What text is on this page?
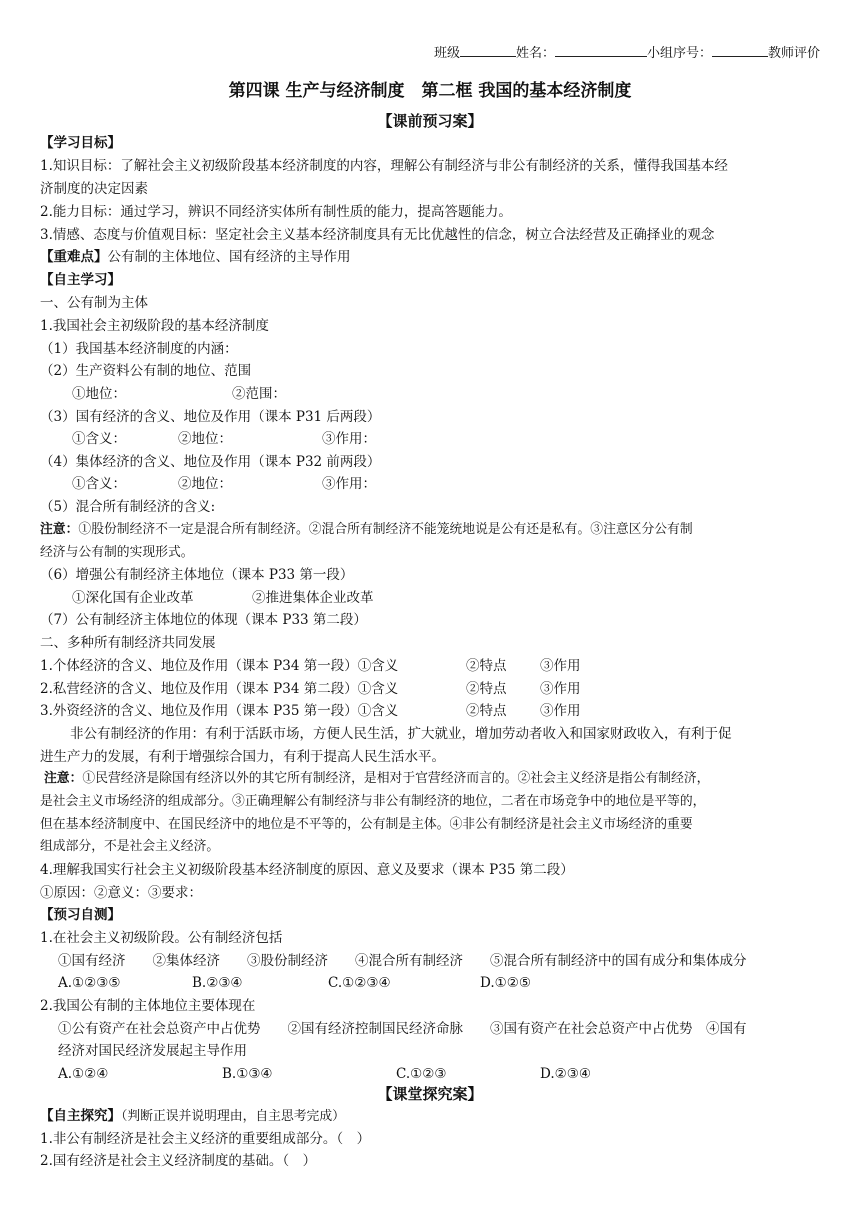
班级	姓名：	小组序号：	教师评价
第四课 生产与经济制度　第二框 我国的基本经济制度
【课前预习案】
【学习目标】
1.知识目标：了解社会主义初级阶段基本经济制度的内容，理解公有制经济与非公有制经济的关系，懂得我国基本经
济制度的决定因素
2.能力目标：通过学习，辨识不同经济实体所有制性质的能力，提高答题能力。
3.情感、态度与价值观目标：坚定社会主义基本经济制度具有无比优越性的信念，树立合法经营及正确择业的观念
【重难点】公有制的主体地位、国有经济的主导作用
【自主学习】
一、公有制为主体
1.我国社会主初级阶段的基本经济制度
（1）我国基本经济制度的内涵：
（2）生产资料公有制的地位、范围
①地位：	②范围：
（3）国有经济的含义、地位及作用（课本 P31 后两段）
①含义：	②地位：	③作用：
（4）集体经济的含义、地位及作用（课本 P32 前两段）
①含义：	②地位：	③作用：
（5）混合所有制经济的含义:
注意：①股份制经济不一定是混合所有制经济。②混合所有制经济不能笼统地说是公有还是私有。③注意区分公有制
经济与公有制的实现形式。
（6）增强公有制经济主体地位（课本 P33 第一段）
①深化国有企业改革	②推进集体企业改革
（7）公有制经济主体地位的体现（课本 P33 第二段）
二、多种所有制经济共同发展
1.个体经济的含义、地位及作用（课本 P34 第一段）①含义	②特点 ③作用
2.私营经济的含义、地位及作用（课本 P34 第二段）①含义	②特点 ③作用
3.外资经济的含义、地位及作用（课本 P35 第一段）①含义	②特点 ③作用
非公有制经济的作用：有利于活跃市场，方便人民生活，扩大就业，增加劳动者收入和国家财政收入，有利于促
进生产力的发展，有利于增强综合国力，有利于提高人民生活水平。
注意：①民营经济是除国有经济以外的其它所有制经济，是相对于官营经济而言的。②社会主义经济是指公有制经济，
是社会主义市场经济的组成部分。③正确理解公有制经济与非公有制经济的地位，二者在市场竞争中的地位是平等的，
但在基本经济制度中、在国民经济中的地位是不平等的，公有制是主体。④非公有制经济是社会主义市场经济的重要
组成部分，不是社会主义经济。
4.理解我国实行社会主义初级阶段基本经济制度的原因、意义及要求（课本 P35 第二段）
①原因：②意义：③要求：
【预习自测】
1.在社会主义初级阶段。公有制经济包括
①国有经济　　②集体经济　　③股份制经济　　④混合所有制经济　　⑤混合所有制经济中的国有成分和集体成分
A.①②③⑤	B.②③④	C.①②③④	D.①②⑤
2.我国公有制的主体地位主要体现在
①公有资产在社会总资产中占优势　　②国有经济控制国民经济命脉　　③国有资产在社会总资产中占优势　④国有
经济对国民经济发展起主导作用
A.①②④	B.①③④	C.①②③	D.②③④
【课堂探究案】
【自主探究】（判断正误并说明理由，自主思考完成）
1.非公有制经济是社会主义经济的重要组成部分。（　）
2.国有经济是社会主义经济制度的基础。（　）
